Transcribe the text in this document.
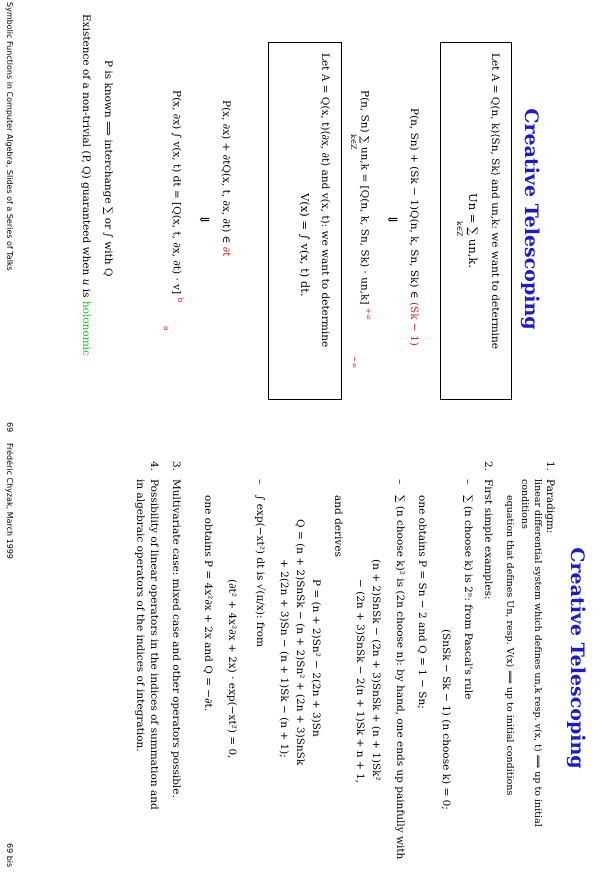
Creative Telescoping
Let A = Q(n, k)⟨Sn, Sk⟩ and un,k: we want to determine
Un = ∑ un,k.
k∈Z
P(n, Sn) + (Sk − 1)Q(n, k, Sn, Sk) ∈ (Sk − 1)
⇓
P(n, Sn) ∑ un,k = [Q(n, k, Sn, Sk) · un,k] +∞
k∈Z
−∞
Let A = Q(x, t)⟨∂x, ∂t⟩ and v(x, t): we want to determine
V(x) = ∫ v(x, t) dt.
P(x, ∂x) + ∂tQ(x, t, ∂x, ∂t) ∈ ∂t
⇓
P(x, ∂x) ∫ v(x, t) dt = [Q(x, t, ∂x, ∂t) · v] $^b$
a
P is known ⟹ interchange ∑ or ∫ with Q
Existence of a non-trivial (P, Q) guaranteed when u is holonomic
Symbolic Functions in Computer Algebra, Slides of a Series of Talks
69
Creative Telescoping
1.
Paradigm:
linear differential system which defines un,k resp. v(x, t) ⟹ up to initial
conditions
equation that defines Un, resp. V(x) ⟹ up to initial conditions
2.
First simple examples:
–
∑ (n choose k) is 2ⁿ: from Pascal's rule
(SnSk − Sk − 1) (n choose k) = 0;
one obtains P = Sn − 2 and Q = 1 − Sn;
–
∑ (n choose k)² is (2n choose n): by hand, one ends up painfully with
(n + 2)SnSk − (2n + 3)SnSk + (n + 1)Sk²
− (2n + 3)SnSk − 2(n + 1)Sk + n + 1,
and derives
P = (n + 2)Sn² − 2(2n + 3)Sn
Q = (n + 2)SnSk − (n + 2)Sn² + (2n + 3)SnSk
+ 2(2n + 3)Sn − (n + 1)Sk − (n + 1);
–
∫ exp(−xt²) dt is √(π/x): from
(∂t² + 4x²∂x + 2x) · exp(−xt²) = 0,
one obtains P = 4x²∂x + 2x and Q = −∂t.
3.
Multivariate case: mixed case and other operators possible.
4.
Possibility of linear operators in the indices of summation and
in algebraic operators of the indices of integration.
Frédéric Chyzak, March 1999
69 bis
